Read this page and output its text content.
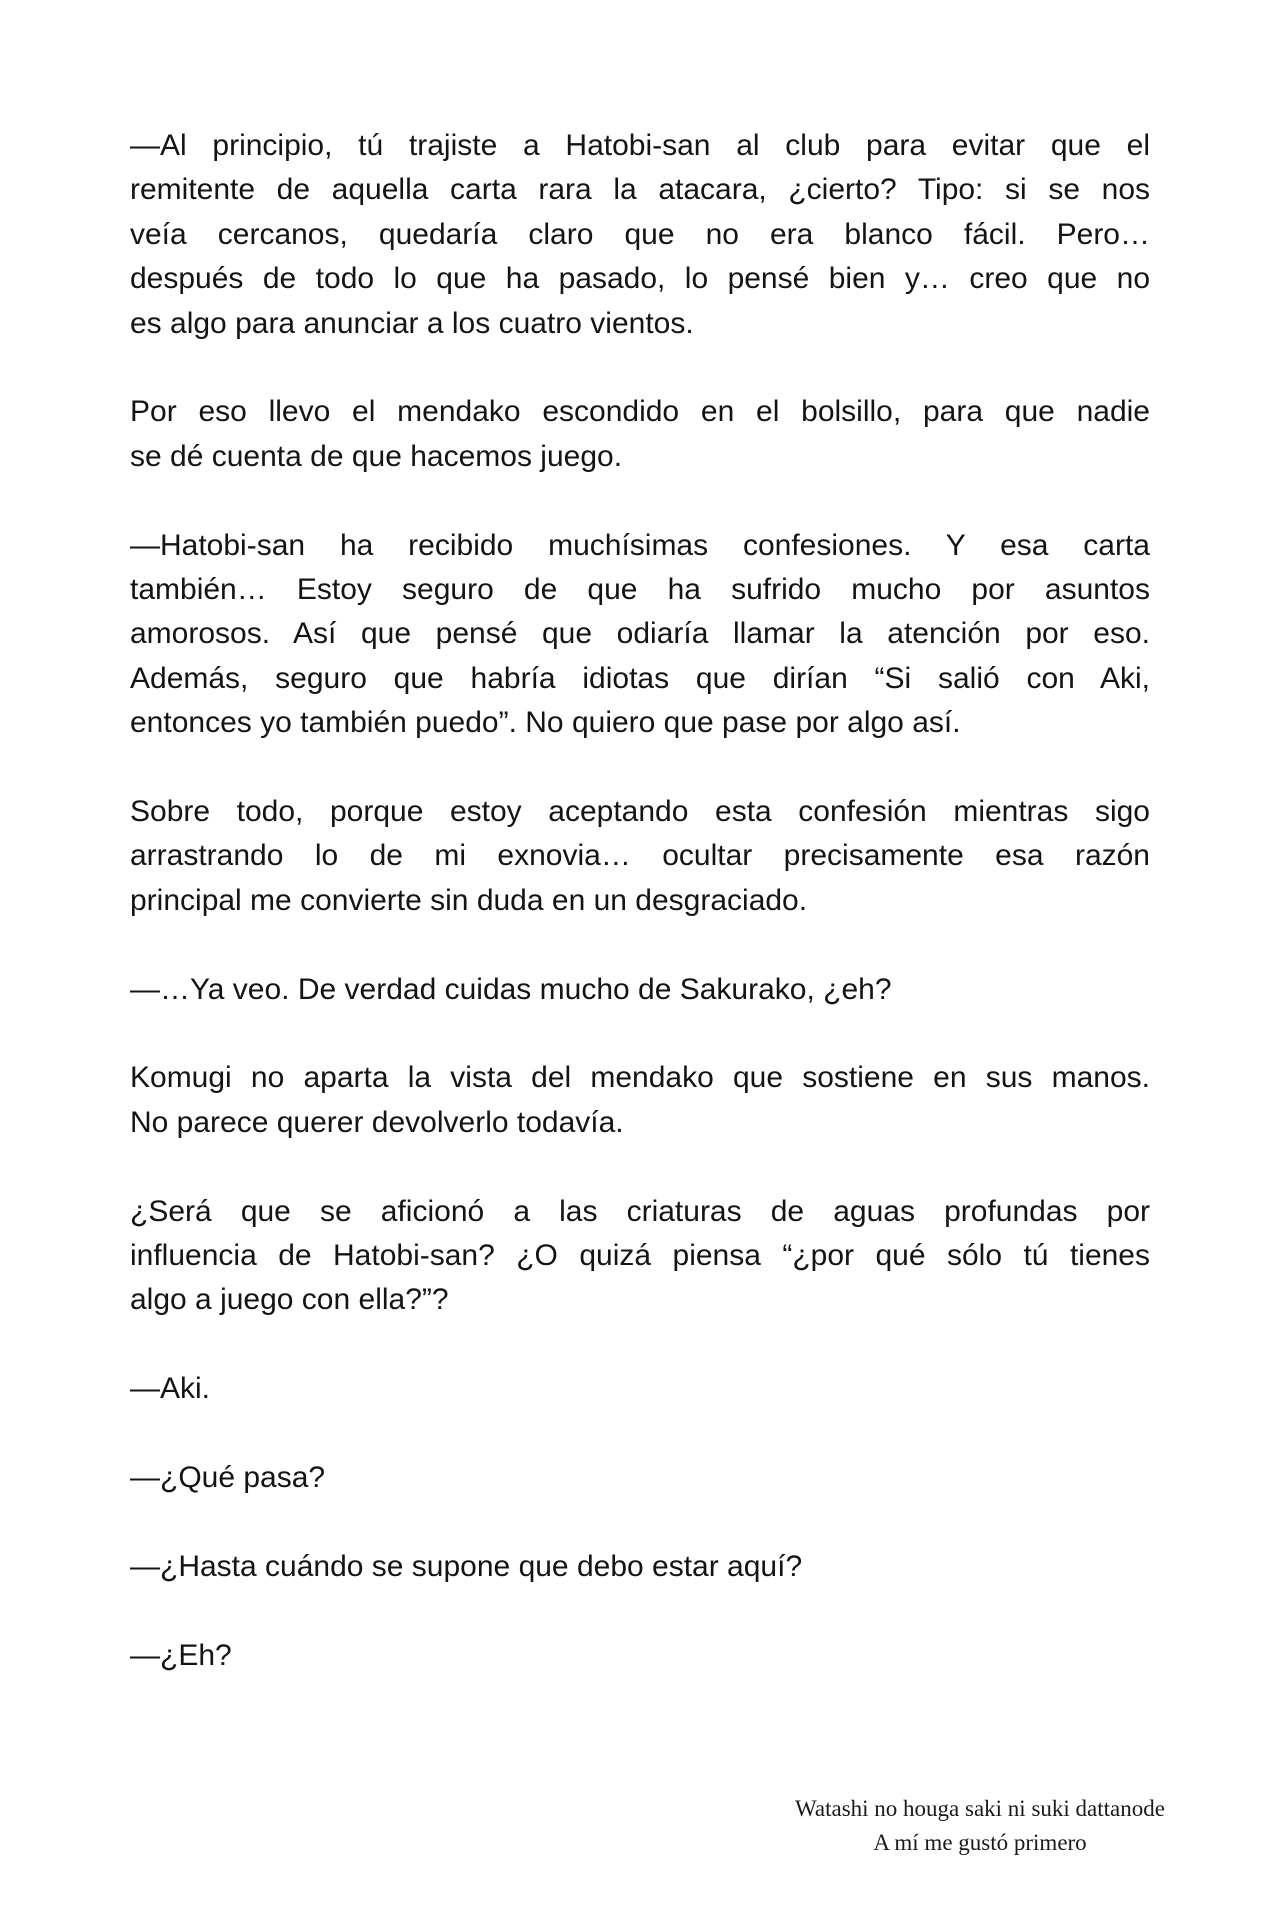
—Al principio, tú trajiste a Hatobi-san al club para evitar que el
remitente de aquella carta rara la atacara, ¿cierto? Tipo: si se nos
veía cercanos, quedaría claro que no era blanco fácil. Pero…
después de todo lo que ha pasado, lo pensé bien y… creo que no
es algo para anunciar a los cuatro vientos.

Por eso llevo el mendako escondido en el bolsillo, para que nadie
se dé cuenta de que hacemos juego.

—Hatobi-san ha recibido muchísimas confesiones. Y esa carta
también… Estoy seguro de que ha sufrido mucho por asuntos
amorosos. Así que pensé que odiaría llamar la atención por eso.
Además, seguro que habría idiotas que dirían “Si salió con Aki,
entonces yo también puedo”. No quiero que pase por algo así.

Sobre todo, porque estoy aceptando esta confesión mientras sigo
arrastrando lo de mi exnovia… ocultar precisamente esa razón
principal me convierte sin duda en un desgraciado.

—…Ya veo. De verdad cuidas mucho de Sakurako, ¿eh?

Komugi no aparta la vista del mendako que sostiene en sus manos.
No parece querer devolverlo todavía.

¿Será que se aficionó a las criaturas de aguas profundas por
influencia de Hatobi-san? ¿O quizá piensa “¿por qué sólo tú tienes
algo a juego con ella?”?

—Aki.

—¿Qué pasa?

—¿Hasta cuándo se supone que debo estar aquí?

—¿Eh?

Watashi no houga saki ni suki dattanode
A mí me gustó primero
